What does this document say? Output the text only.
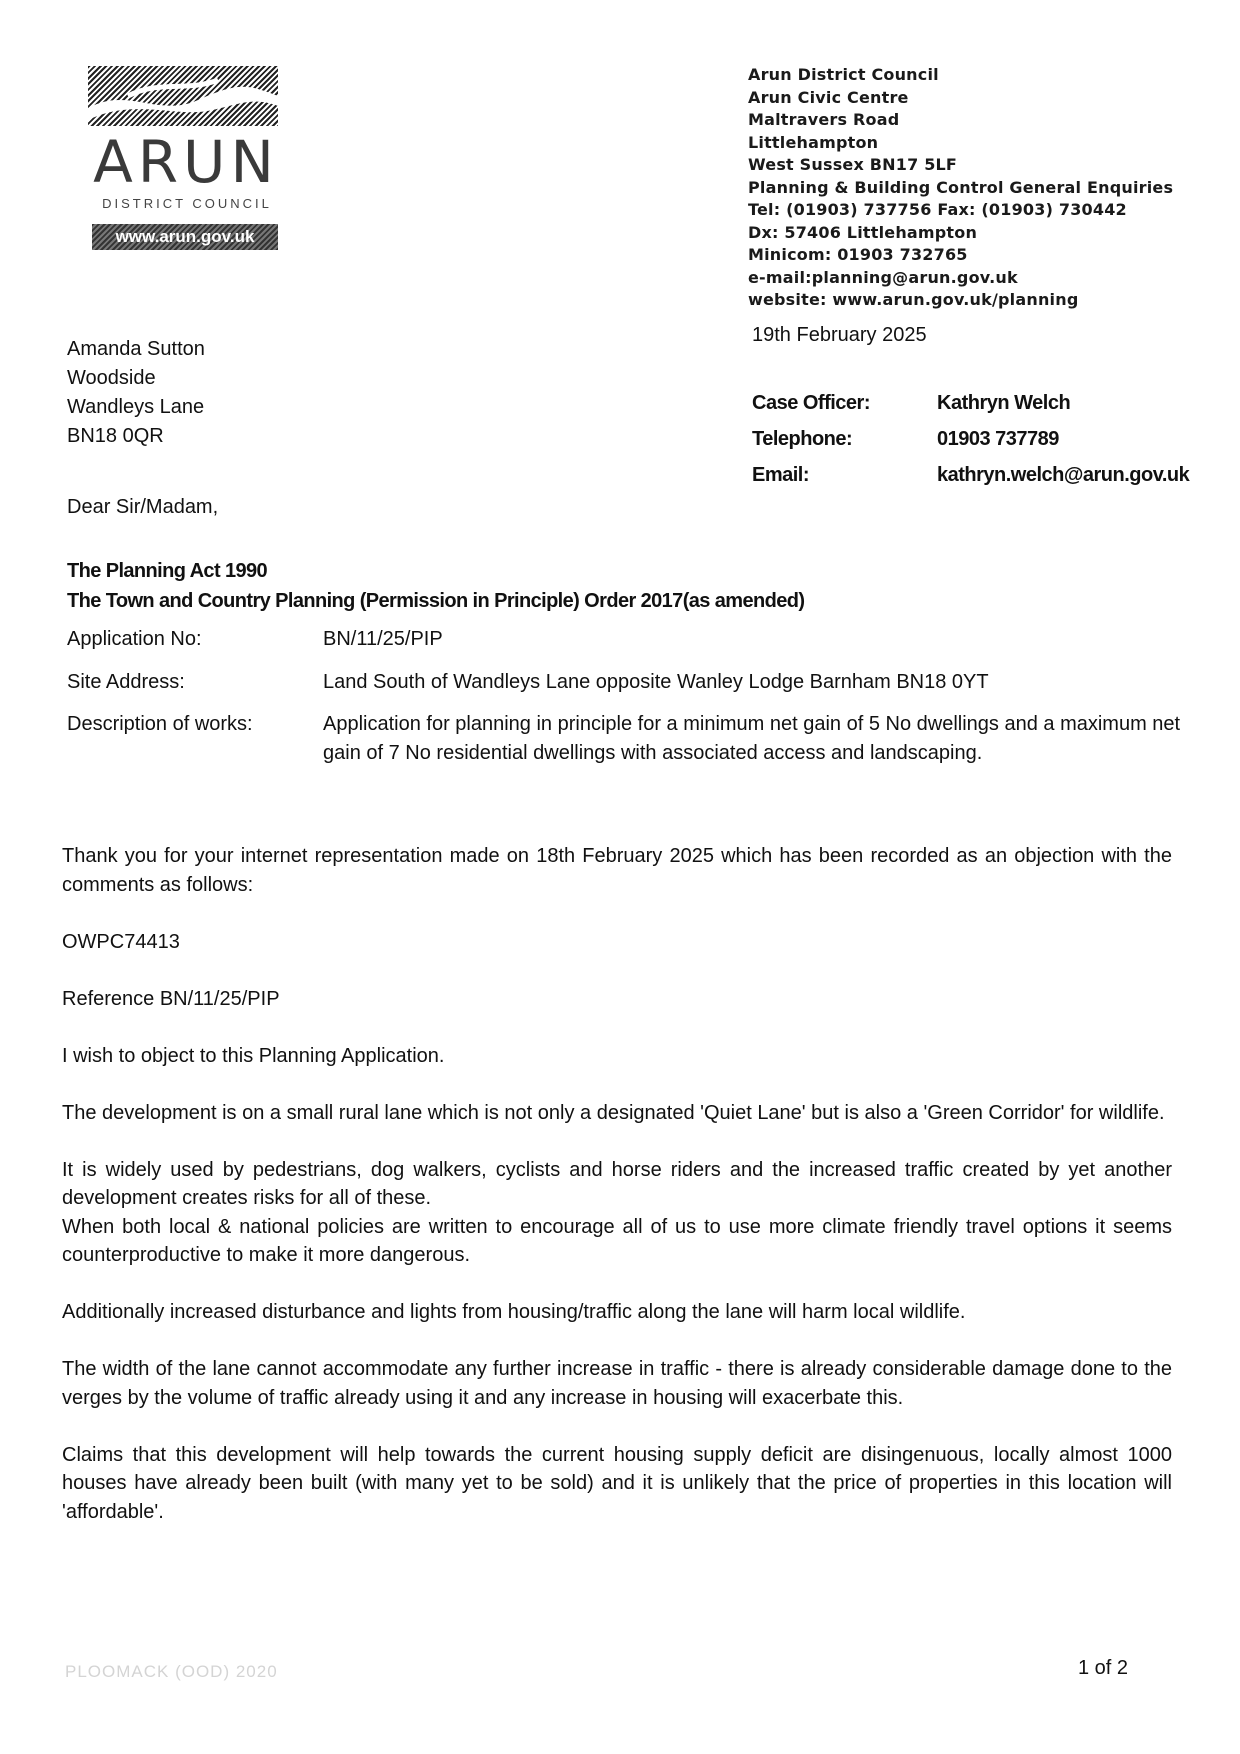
ARUN
DISTRICT COUNCIL
www.arun.gov.uk
Arun District Council
Arun Civic Centre
Maltravers Road
Littlehampton
West Sussex BN17 5LF
Planning & Building Control General Enquiries
Tel: (01903) 737756 Fax: (01903) 730442
Dx: 57406 Littlehampton
Minicom: 01903 732765
e-mail:planning@arun.gov.uk
website: www.arun.gov.uk/planning
19th February 2025
Amanda Sutton
Woodside
Wandleys Lane
BN18 0QR
Case Officer:	Kathryn Welch
Telephone:	01903 737789
Email:	kathryn.welch@arun.gov.uk
Dear Sir/Madam,
The Planning Act 1990
The Town and Country Planning (Permission in Principle) Order 2017(as amended)
Application No:	BN/11/25/PIP
Site Address:	Land South of Wandleys Lane opposite Wanley Lodge Barnham BN18 0YT
Description of works:	Application for planning in principle for a minimum net gain of 5 No dwellings and a maximum net gain of 7 No residential dwellings with associated access and landscaping.

Thank you for your internet representation made on 18th February 2025 which has been recorded as an objection with the comments as follows:

OWPC74413

Reference BN/11/25/PIP

I wish to object to this Planning Application.

The development is on a small rural lane which is not only a designated 'Quiet Lane' but is also a 'Green Corridor' for wildlife.

It is widely used by pedestrians, dog walkers, cyclists and horse riders and the increased traffic created by yet another development creates risks for all of these.

When both local & national policies are written to encourage all of us to use more climate friendly travel options it seems counterproductive to make it more dangerous.

Additionally increased disturbance and lights from housing/traffic along the lane will harm local wildlife.

The width of the lane cannot accommodate any further increase in traffic - there is already considerable damage done to the verges by the volume of traffic already using it and any increase in housing will exacerbate this.

Claims that this development will help towards the current housing supply deficit are disingenuous, locally almost 1000 houses have already been built (with many yet to be sold) and it is unlikely that the price of properties in this location will 'affordable'.

PLOOMACK (OOD) 2020	1 of 2
